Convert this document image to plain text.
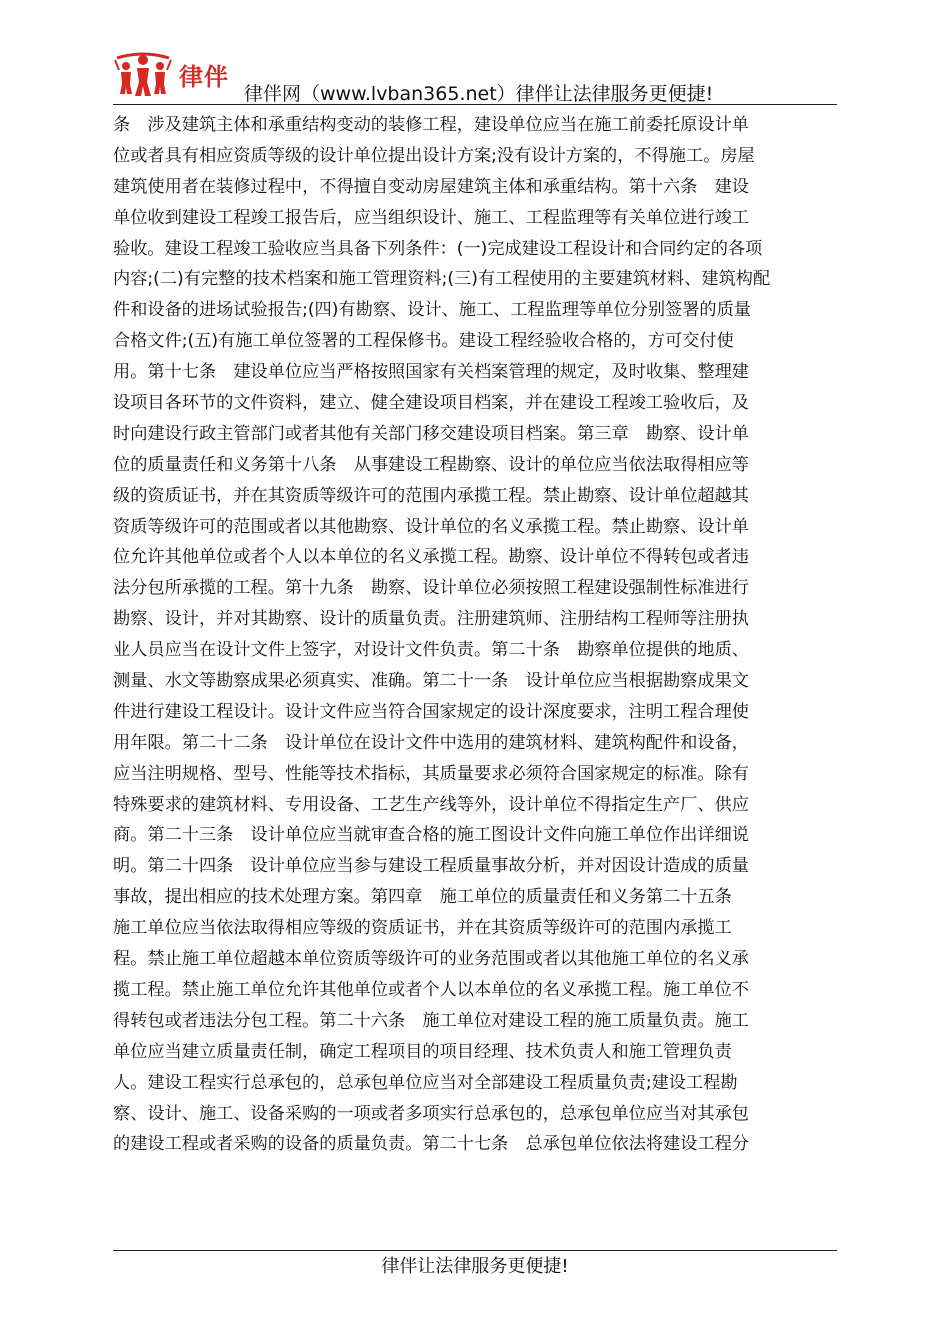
律伴
律伴网（www.lvban365.net）律伴让法律服务更便捷!
条　涉及建筑主体和承重结构变动的装修工程，建设单位应当在施工前委托原设计单
位或者具有相应资质等级的设计单位提出设计方案;没有设计方案的，不得施工。房屋
建筑使用者在装修过程中，不得擅自变动房屋建筑主体和承重结构。第十六条　建设
单位收到建设工程竣工报告后，应当组织设计、施工、工程监理等有关单位进行竣工
验收。建设工程竣工验收应当具备下列条件：(一)完成建设工程设计和合同约定的各项
内容;(二)有完整的技术档案和施工管理资料;(三)有工程使用的主要建筑材料、建筑构配
件和设备的进场试验报告;(四)有勘察、设计、施工、工程监理等单位分别签署的质量
合格文件;(五)有施工单位签署的工程保修书。建设工程经验收合格的，方可交付使
用。第十七条　建设单位应当严格按照国家有关档案管理的规定，及时收集、整理建
设项目各环节的文件资料，建立、健全建设项目档案，并在建设工程竣工验收后，及
时向建设行政主管部门或者其他有关部门移交建设项目档案。第三章　勘察、设计单
位的质量责任和义务第十八条　从事建设工程勘察、设计的单位应当依法取得相应等
级的资质证书，并在其资质等级许可的范围内承揽工程。禁止勘察、设计单位超越其
资质等级许可的范围或者以其他勘察、设计单位的名义承揽工程。禁止勘察、设计单
位允许其他单位或者个人以本单位的名义承揽工程。勘察、设计单位不得转包或者违
法分包所承揽的工程。第十九条　勘察、设计单位必须按照工程建设强制性标准进行
勘察、设计，并对其勘察、设计的质量负责。注册建筑师、注册结构工程师等注册执
业人员应当在设计文件上签字，对设计文件负责。第二十条　勘察单位提供的地质、
测量、水文等勘察成果必须真实、准确。第二十一条　设计单位应当根据勘察成果文
件进行建设工程设计。设计文件应当符合国家规定的设计深度要求，注明工程合理使
用年限。第二十二条　设计单位在设计文件中选用的建筑材料、建筑构配件和设备，
应当注明规格、型号、性能等技术指标，其质量要求必须符合国家规定的标准。除有
特殊要求的建筑材料、专用设备、工艺生产线等外，设计单位不得指定生产厂、供应
商。第二十三条　设计单位应当就审查合格的施工图设计文件向施工单位作出详细说
明。第二十四条　设计单位应当参与建设工程质量事故分析，并对因设计造成的质量
事故，提出相应的技术处理方案。第四章　施工单位的质量责任和义务第二十五条
施工单位应当依法取得相应等级的资质证书，并在其资质等级许可的范围内承揽工
程。禁止施工单位超越本单位资质等级许可的业务范围或者以其他施工单位的名义承
揽工程。禁止施工单位允许其他单位或者个人以本单位的名义承揽工程。施工单位不
得转包或者违法分包工程。第二十六条　施工单位对建设工程的施工质量负责。施工
单位应当建立质量责任制，确定工程项目的项目经理、技术负责人和施工管理负责
人。建设工程实行总承包的，总承包单位应当对全部建设工程质量负责;建设工程勘
察、设计、施工、设备采购的一项或者多项实行总承包的，总承包单位应当对其承包
的建设工程或者采购的设备的质量负责。第二十七条　总承包单位依法将建设工程分
律伴让法律服务更便捷!
